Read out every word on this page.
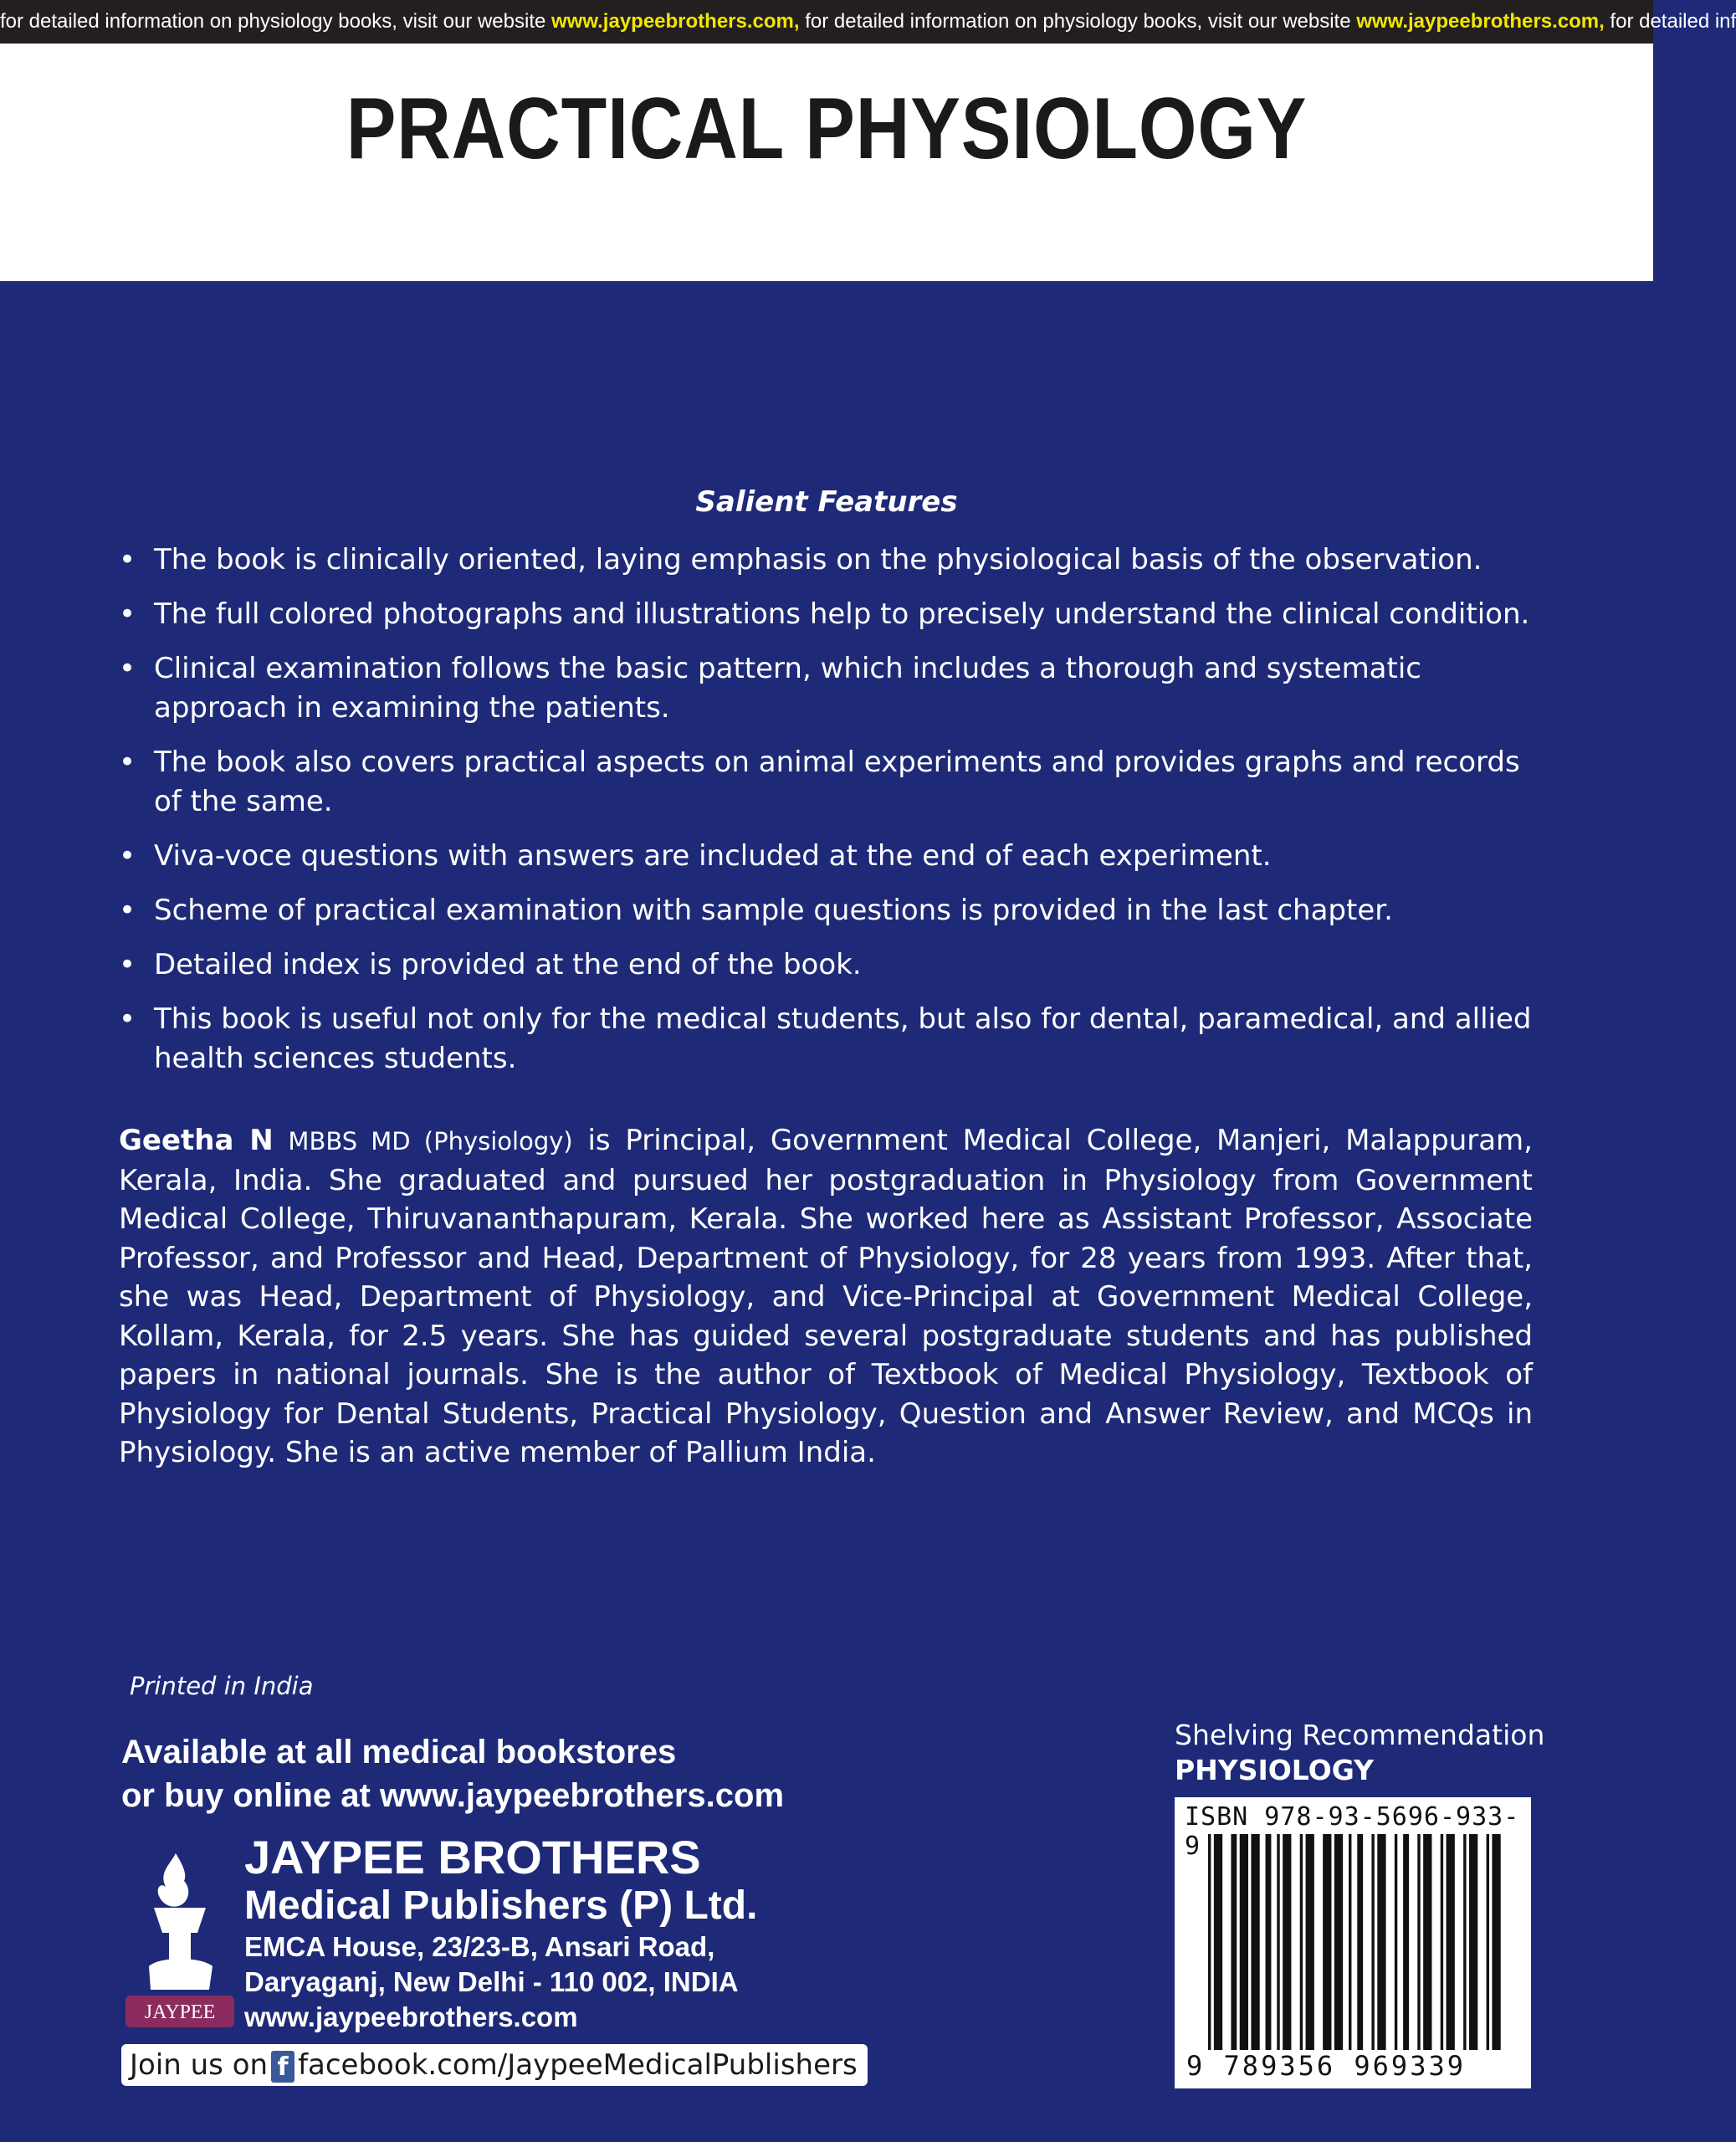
for detailed information on physiology books, visit our website www.jaypeebrothers.com, for detailed information on physiology books, visit our website www.jaypeebrothers.com, for detailed inf
PRACTICAL PHYSIOLOGY
Salient Features
• The book is clinically oriented, laying emphasis on the physiological basis of the observation.
• The full colored photographs and illustrations help to precisely understand the clinical condition.
• Clinical examination follows the basic pattern, which includes a thorough and systematic approach in examining the patients.
• The book also covers practical aspects on animal experiments and provides graphs and records of the same.
• Viva-voce questions with answers are included at the end of each experiment.
• Scheme of practical examination with sample questions is provided in the last chapter.
• Detailed index is provided at the end of the book.
• This book is useful not only for the medical students, but also for dental, paramedical, and allied health sciences students.
Geetha N MBBS MD (Physiology) is Principal, Government Medical College, Manjeri, Malappuram, Kerala, India. She graduated and pursued her postgraduation in Physiology from Government Medical College, Thiruvananthapuram, Kerala. She worked here as Assistant Professor, Associate Professor, and Professor and Head, Department of Physiology, for 28 years from 1993. After that, she was Head, Department of Physiology, and Vice-Principal at Government Medical College, Kollam, Kerala, for 2.5 years. She has guided several postgraduate students and has published papers in national journals. She is the author of Textbook of Medical Physiology, Textbook of Physiology for Dental Students, Practical Physiology, Question and Answer Review, and MCQs in Physiology. She is an active member of Pallium India.
Printed in India
Available at all medical bookstores
or buy online at www.jaypeebrothers.com
JAYPEE
JAYPEE BROTHERS
Medical Publishers (P) Ltd.
EMCA House, 23/23-B, Ansari Road,
Daryaganj, New Delhi - 110 002, INDIA
www.jaypeebrothers.com
Join us on f facebook.com/JaypeeMedicalPublishers
Shelving Recommendation
PHYSIOLOGY
ISBN 978-93-5696-933-9
9 789356 969339
